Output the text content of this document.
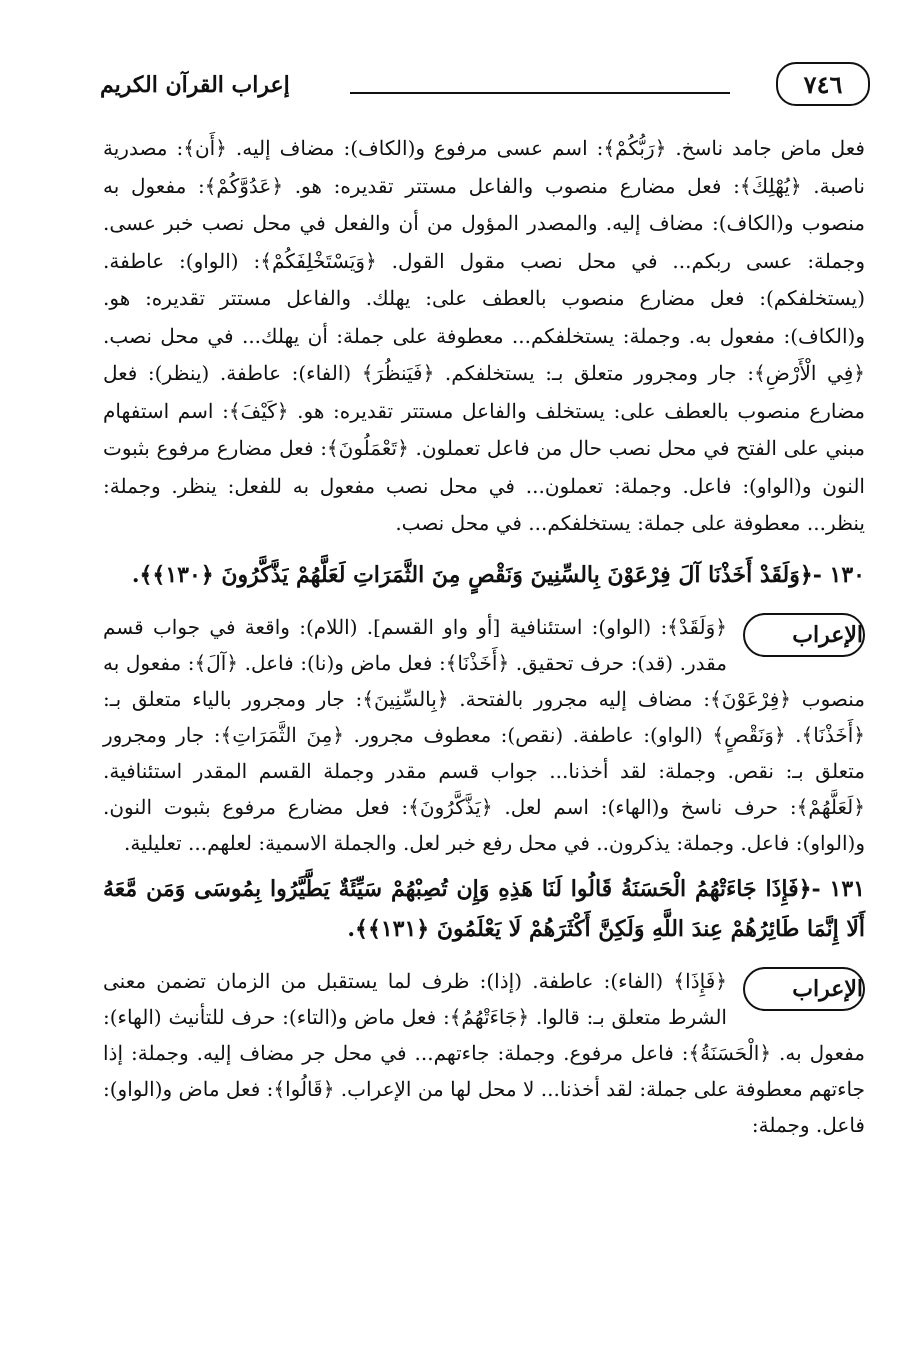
٧٤٦
إعراب القرآن الكريم

فعل ماض جامد ناسخ. ﴿رَبُّكُمْ﴾: اسم عسى مرفوع و(الكاف): مضاف إليه. ﴿أَن﴾: مصدرية ناصبة. ﴿يُهْلِكَ﴾: فعل مضارع منصوب والفاعل مستتر تقديره: هو. ﴿عَدُوَّكُمْ﴾: مفعول به منصوب و(الكاف): مضاف إليه. والمصدر المؤول من أن والفعل في محل نصب خبر عسى. وجملة: عسى ربكم... في محل نصب مقول القول. ﴿وَيَسْتَخْلِفَكُمْ﴾: (الواو): عاطفة. (يستخلفكم): فعل مضارع منصوب بالعطف على: يهلك. والفاعل مستتر تقديره: هو. و(الكاف): مفعول به. وجملة: يستخلفكم... معطوفة على جملة: أن يهلك... في محل نصب. ﴿فِي الْأَرْضِ﴾: جار ومجرور متعلق بـ: يستخلفكم. ﴿فَيَنظُرَ﴾ (الفاء): عاطفة. (ينظر): فعل مضارع منصوب بالعطف على: يستخلف والفاعل مستتر تقديره: هو. ﴿كَيْفَ﴾: اسم استفهام مبني على الفتح في محل نصب حال من فاعل تعملون. ﴿تَعْمَلُونَ﴾: فعل مضارع مرفوع بثبوت النون و(الواو): فاعل. وجملة: تعملون... في محل نصب مفعول به للفعل: ينظر. وجملة: ينظر... معطوفة على جملة: يستخلفكم... في محل نصب.

١٣٠ -﴿وَلَقَدْ أَخَذْنَا آلَ فِرْعَوْنَ بِالسِّنِينَ وَنَقْصٍ مِنَ الثَّمَرَاتِ لَعَلَّهُمْ يَذَّكَّرُونَ ﴿١٣٠﴾﴾.

الإعراب

﴿وَلَقَدْ﴾: (الواو): استئنافية [أو واو القسم]. (اللام): واقعة في جواب قسم مقدر. (قد): حرف تحقيق. ﴿أَخَذْنَا﴾: فعل ماض و(نا): فاعل. ﴿آلَ﴾: مفعول به منصوب ﴿فِرْعَوْنَ﴾: مضاف إليه مجرور بالفتحة. ﴿بِالسِّنِينَ﴾: جار ومجرور بالياء متعلق بـ: ﴿أَخَذْنَا﴾. ﴿وَنَقْصٍ﴾ (الواو): عاطفة. (نقص): معطوف مجرور. ﴿مِنَ الثَّمَرَاتِ﴾: جار ومجرور متعلق بـ: نقص. وجملة: لقد أخذنا... جواب قسم مقدر وجملة القسم المقدر استئنافية. ﴿لَعَلَّهُمْ﴾: حرف ناسخ و(الهاء): اسم لعل. ﴿يَذَّكَّرُونَ﴾: فعل مضارع مرفوع بثبوت النون. و(الواو): فاعل. وجملة: يذكرون.. في محل رفع خبر لعل. والجملة الاسمية: لعلهم... تعليلية.

١٣١ -﴿فَإِذَا جَاءَتْهُمُ الْحَسَنَةُ قَالُوا لَنَا هَذِهِ وَإِن تُصِبْهُمْ سَيِّئَةٌ يَطَّيَّرُوا بِمُوسَى وَمَن مَّعَهُ أَلَا إِنَّمَا طَائِرُهُمْ عِندَ اللَّهِ وَلَكِنَّ أَكْثَرَهُمْ لَا يَعْلَمُونَ ﴿١٣١﴾﴾.

الإعراب

﴿فَإِذَا﴾ (الفاء): عاطفة. (إذا): ظرف لما يستقبل من الزمان تضمن معنى الشرط متعلق بـ: قالوا. ﴿جَاءَتْهُمُ﴾: فعل ماض و(التاء): حرف للتأنيث (الهاء): مفعول به. ﴿الْحَسَنَةُ﴾: فاعل مرفوع. وجملة: جاءتهم... في محل جر مضاف إليه. وجملة: إذا جاءتهم معطوفة على جملة: لقد أخذنا... لا محل لها من الإعراب. ﴿قَالُوا﴾: فعل ماض و(الواو): فاعل. وجملة:
